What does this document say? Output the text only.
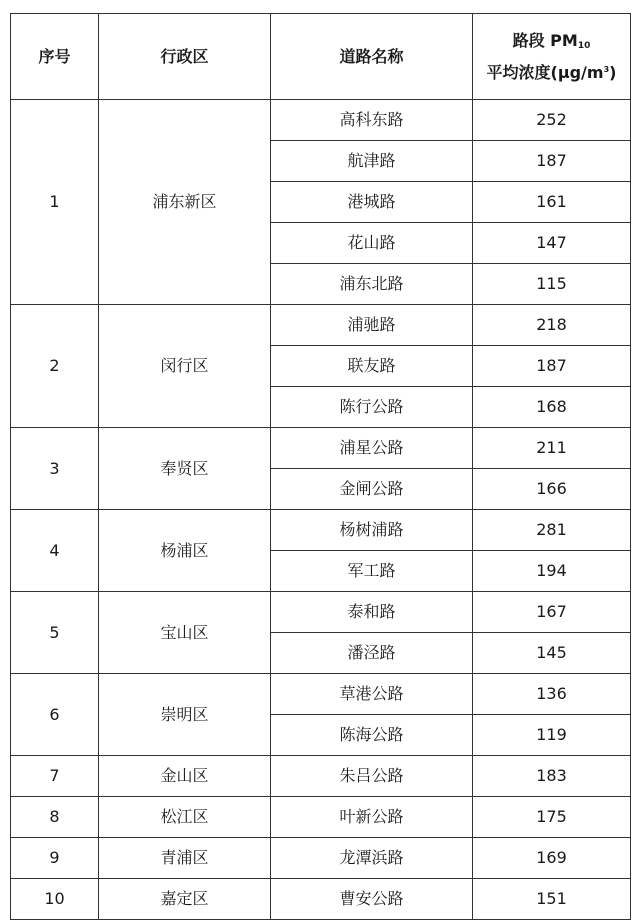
序号	行政区	道路名称	路段 PM10
平均浓度$(\mu g/m^3)$

1	浦东新区	高科东路	252
		航津路	187
		港城路	161
		花山路	147
		浦东北路	115
2	闵行区	浦驰路	218
		联友路	187
		陈行公路	168
3	奉贤区	浦星公路	211
		金闸公路	166
4	杨浦区	杨树浦路	281
		军工路	194
5	宝山区	泰和路	167
		潘泾路	145
6	崇明区	草港公路	136
		陈海公路	119
7	金山区	朱吕公路	183
8	松江区	叶新公路	175
9	青浦区	龙潭浜路	169
10	嘉定区	曹安公路	151
